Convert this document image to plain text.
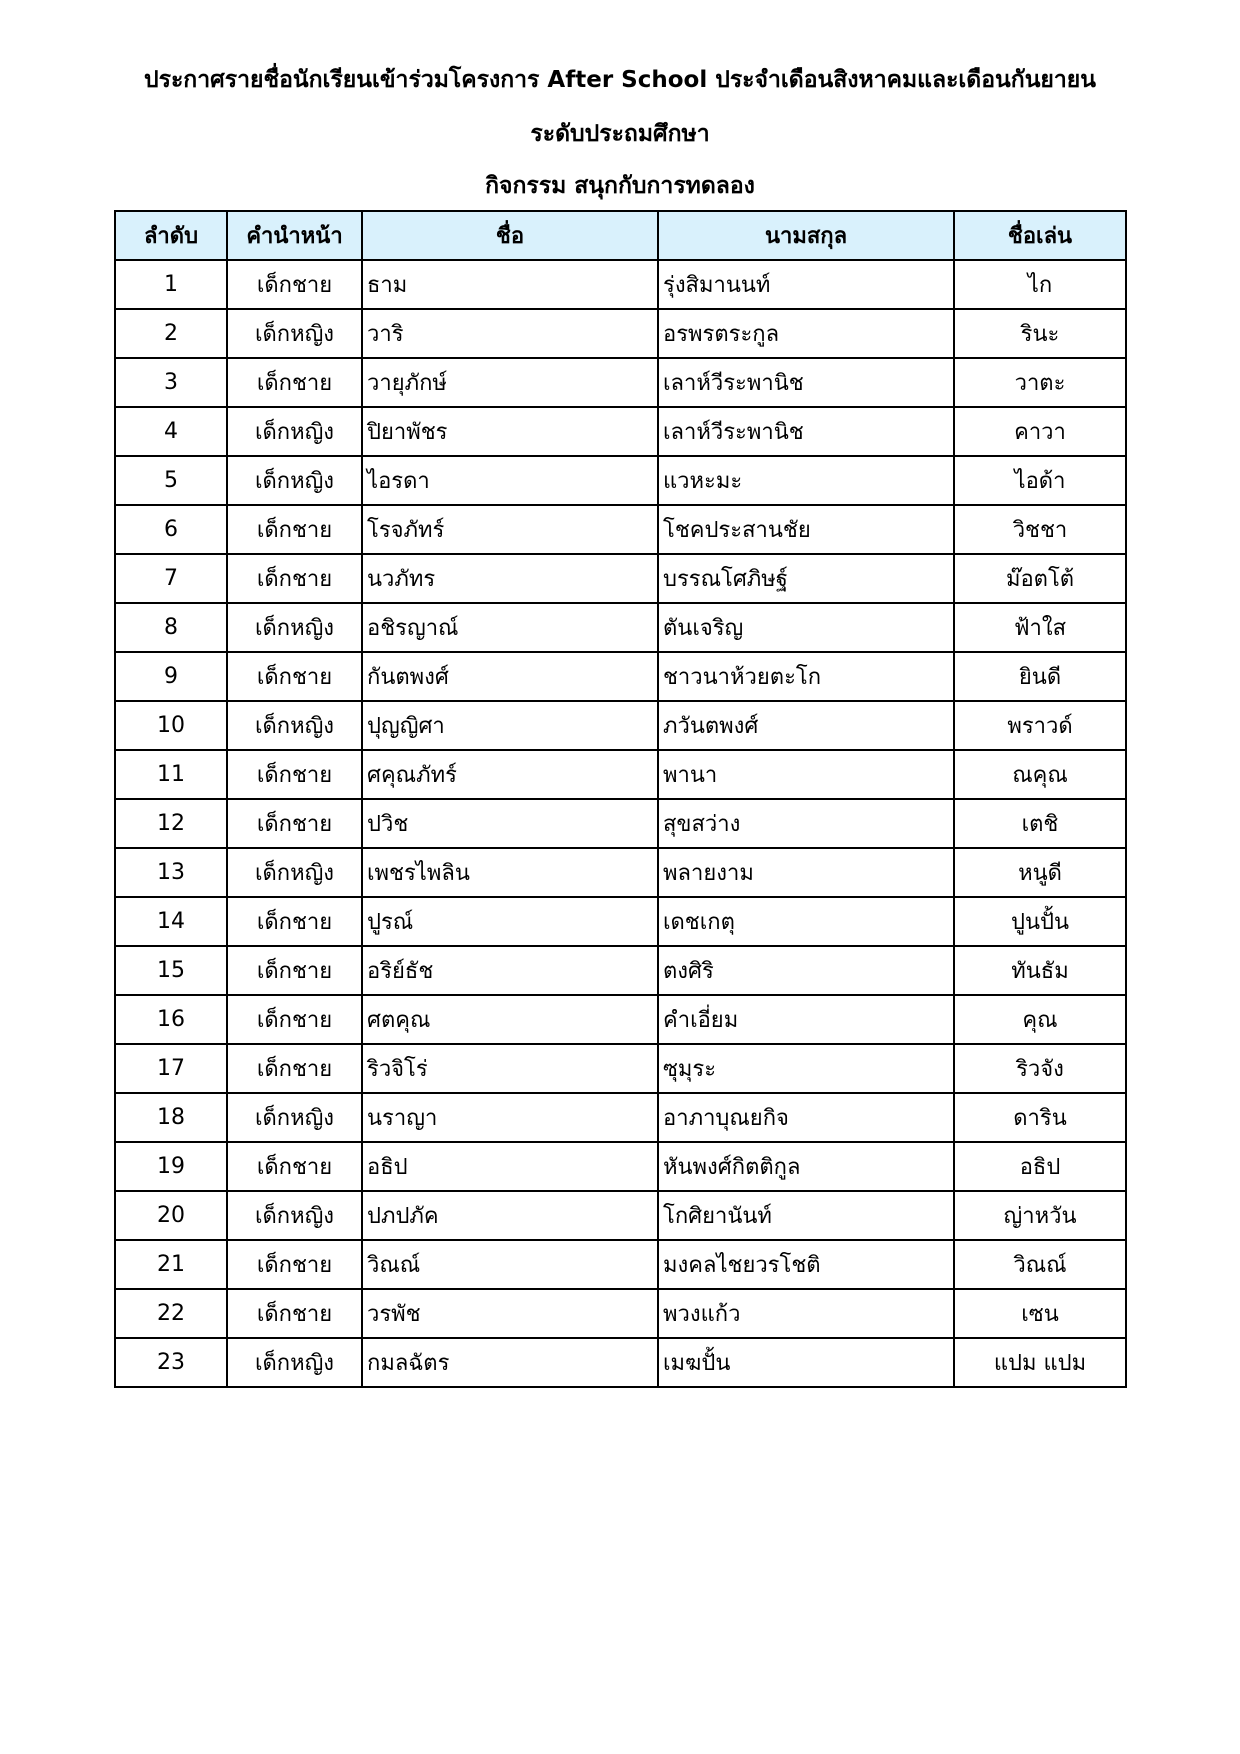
ประกาศรายชื่อนักเรียนเข้าร่วมโครงการ After School ประจำเดือนสิงหาคมและเดือนกันยายน
ระดับประถมศึกษา
กิจกรรม สนุกกับการทดลอง
ลำดับ	คำนำหน้า	ชื่อ	นามสกุล	ชื่อเล่น
1	เด็กชาย	ธาม	รุ่งสิมานนท์	ไก
2	เด็กหญิง	วาริ	อรพรตระกูล	รินะ
3	เด็กชาย	วายุภักษ์	เลาห์วีระพานิช	วาตะ
4	เด็กหญิง	ปิยาพัชร	เลาห์วีระพานิช	คาวา
5	เด็กหญิง	ไอรดา	แวหะมะ	ไอด้า
6	เด็กชาย	โรจภัทร์	โชคประสานชัย	วิชชา
7	เด็กชาย	นวภัทร	บรรณโศภิษฐ์	ม๊อตโต้
8	เด็กหญิง	อชิรญาณ์	ตันเจริญ	ฟ้าใส
9	เด็กชาย	กันตพงศ์	ชาวนาห้วยตะโก	ยินดี
10	เด็กหญิง	ปุญญิศา	ภวันตพงศ์	พราวด์
11	เด็กชาย	ศคุณภัทร์	พานา	ณคุณ
12	เด็กชาย	ปวิช	สุขสว่าง	เตชิ
13	เด็กหญิง	เพชรไพลิน	พลายงาม	หนูดี
14	เด็กชาย	ปูรณ์	เดชเกตุ	ปูนปั้น
15	เด็กชาย	อริย์ธัช	ตงศิริ	ทันธัม
16	เด็กชาย	ศตคุณ	คำเอี่ยม	คุณ
17	เด็กชาย	ริวจิโร่	ซุมุระ	ริวจัง
18	เด็กหญิง	นราญา	อาภาบุณยกิจ	ดาริน
19	เด็กชาย	อธิป	หันพงศ์กิตติกูล	อธิป
20	เด็กหญิง	ปภปภัค	โกศิยานันท์	ญ่าหวัน
21	เด็กชาย	วิณณ์	มงคลไชยวรโชติ	วิณณ์
22	เด็กชาย	วรพัช	พวงแก้ว	เซน
23	เด็กหญิง	กมลฉัตร	เมฆปั้น	แปม แปม
